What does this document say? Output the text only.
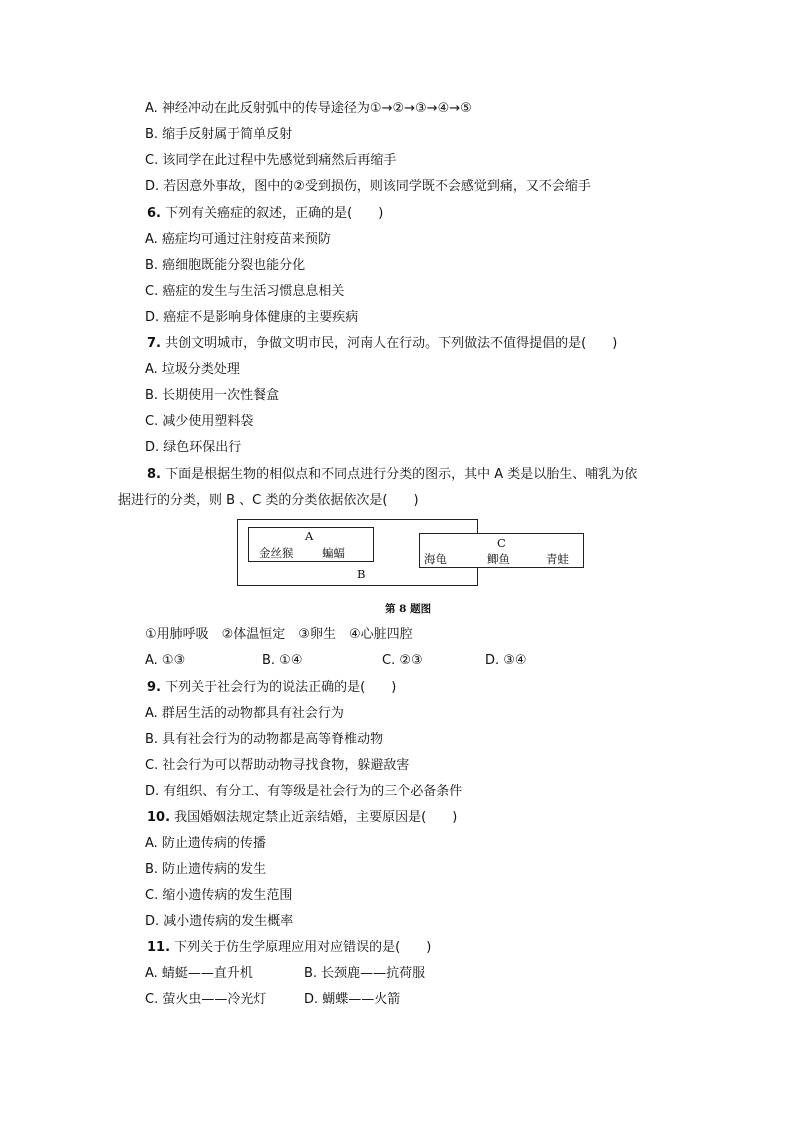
A. 神经冲动在此反射弧中的传导途径为①→②→③→④→⑤
B. 缩手反射属于简单反射
C. 该同学在此过程中先感觉到痛然后再缩手
D. 若因意外事故，图中的②受到损伤，则该同学既不会感觉到痛，又不会缩手
6. 下列有关癌症的叙述，正确的是(　　)
A. 癌症均可通过注射疫苗来预防
B. 癌细胞既能分裂也能分化
C. 癌症的发生与生活习惯息息相关
D. 癌症不是影响身体健康的主要疾病
7. 共创文明城市，争做文明市民，河南人在行动。下列做法不值得提倡的是(　　)
A. 垃圾分类处理
B. 长期使用一次性餐盒
C. 减少使用塑料袋
D. 绿色环保出行
8. 下面是根据生物的相似点和不同点进行分类的图示，其中 A 类是以胎生、哺乳为依
据进行的分类，则 B 、C 类的分类依据依次是(　　)
A
金丝猴 蝙蝠
B
C
海龟	鲫鱼	青蛙
第 8 题图
①用肺呼吸　②体温恒定　③卵生　④心脏四腔
A. ①③	B. ①④	C. ②③	D. ③④
9. 下列关于社会行为的说法正确的是(　　)
A. 群居生活的动物都具有社会行为
B. 具有社会行为的动物都是高等脊椎动物
C. 社会行为可以帮助动物寻找食物，躲避敌害
D. 有组织、有分工、有等级是社会行为的三个必备条件
10. 我国婚姻法规定禁止近亲结婚，主要原因是(　　)
A. 防止遗传病的传播
B. 防止遗传病的发生
C. 缩小遗传病的发生范围
D. 减小遗传病的发生概率
11. 下列关于仿生学原理应用对应错误的是(　　)
A. 蜻蜓——直升机	B. 长颈鹿——抗荷服
C. 萤火虫——冷光灯	D. 蝴蝶——火箭
